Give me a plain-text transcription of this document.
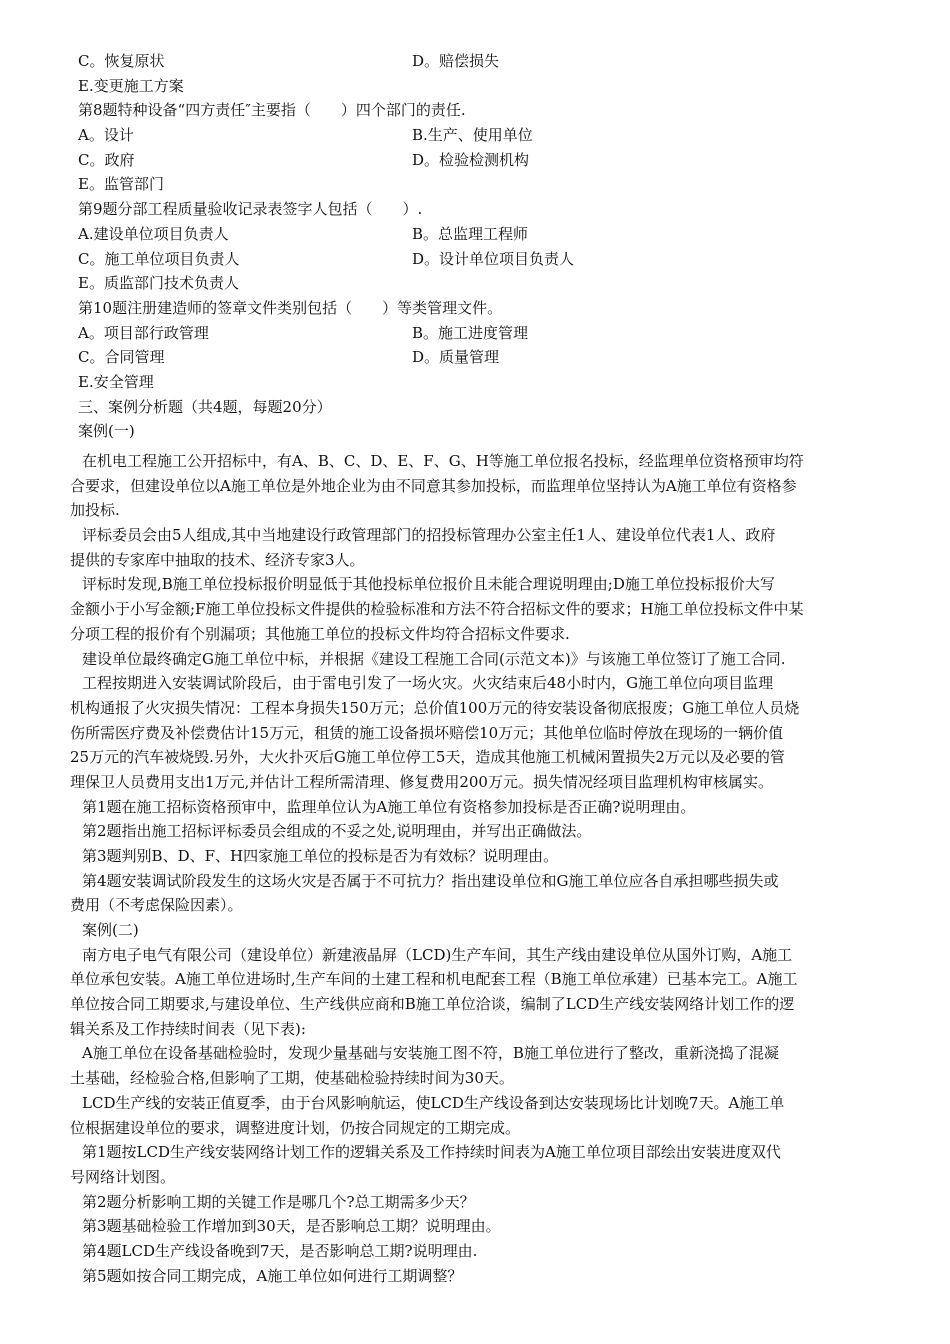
C。恢复原状	D。赔偿损失
E.变更施工方案
第8题特种设备“四方责任″主要指（　　）四个部门的责任.
A。设计	B.生产、使用单位
C。政府	D。检验检测机构
E。监管部门
第9题分部工程质量验收记录表签字人包括（　　）.
A.建设单位项目负责人	B。总监理工程师
C。施工单位项目负责人	D。设计单位项目负责人
E。质监部门技术负责人
第10题注册建造师的签章文件类别包括（　　）等类管理文件。
A。项目部行政管理	B。施工进度管理
C。合同管理	D。质量管理
E.安全管理
三、案例分析题（共4题，每题20分）
案例(一)
在机电工程施工公开招标中，有A、B、C、D、E、F、G、H等施工单位报名投标，经监理单位资格预审均符
合要求，但建设单位以A施工单位是外地企业为由不同意其参加投标，而监理单位坚持认为A施工单位有资格参
加投标.
评标委员会由5人组成,其中当地建设行政管理部门的招投标管理办公室主任1人、建设单位代表1人、政府
提供的专家库中抽取的技术、经济专家3人。
评标时发现,B施工单位投标报价明显低于其他投标单位报价且未能合理说明理由;D施工单位投标报价大写
金额小于小写金额;F施工单位投标文件提供的检验标准和方法不符合招标文件的要求；H施工单位投标文件中某
分项工程的报价有个别漏项；其他施工单位的投标文件均符合招标文件要求.
建设单位最终确定G施工单位中标，并根据《建设工程施工合同(示范文本)》与该施工单位签订了施工合同.
工程按期进入安装调试阶段后，由于雷电引发了一场火灾。火灾结束后48小时内，G施工单位向项目监理
机构通报了火灾损失情况：工程本身损失150万元；总价值100万元的待安装设备彻底报废；G施工单位人员烧
伤所需医疗费及补偿费估计15万元，租赁的施工设备损坏赔偿10万元；其他单位临时停放在现场的一辆价值
25万元的汽车被烧毁.另外，大火扑灭后G施工单位停工5天，造成其他施工机械闲置损失2万元以及必要的管
理保卫人员费用支出1万元,并估计工程所需清理、修复费用200万元。损失情况经项目监理机构审核属实。
第1题在施工招标资格预审中，监理单位认为A施工单位有资格参加投标是否正确?说明理由。
第2题指出施工招标评标委员会组成的不妥之处,说明理由，并写出正确做法。
第3题判别B、D、F、H四家施工单位的投标是否为有效标？说明理由。
第4题安装调试阶段发生的这场火灾是否属于不可抗力？指出建设单位和G施工单位应各自承担哪些损失或
费用（不考虑保险因素）。
案例(二)
南方电子电气有限公司（建设单位）新建液晶屏（LCD)生产车间，其生产线由建设单位从国外订购，A施工
单位承包安装。A施工单位进场时,生产车间的土建工程和机电配套工程（B施工单位承建）已基本完工。A施工
单位按合同工期要求,与建设单位、生产线供应商和B施工单位洽谈，编制了LCD生产线安装网络计划工作的逻
辑关系及工作持续时间表（见下表):
A施工单位在设备基础检验时，发现少量基础与安装施工图不符，B施工单位进行了整改，重新浇捣了混凝
土基础，经检验合格,但影响了工期，使基础检验持续时间为30天。
LCD生产线的安装正值夏季，由于台风影响航运，使LCD生产线设备到达安装现场比计划晚7天。A施工单
位根据建设单位的要求，调整进度计划，仍按合同规定的工期完成。
第1题按LCD生产线安装网络计划工作的逻辑关系及工作持续时间表为A施工单位项目部绘出安装进度双代
号网络计划图。
第2题分析影响工期的关键工作是哪几个?总工期需多少天？
第3题基础检验工作增加到30天，是否影响总工期？说明理由。
第4题LCD生产线设备晚到7天，是否影响总工期?说明理由.
第5题如按合同工期完成，A施工单位如何进行工期调整？
